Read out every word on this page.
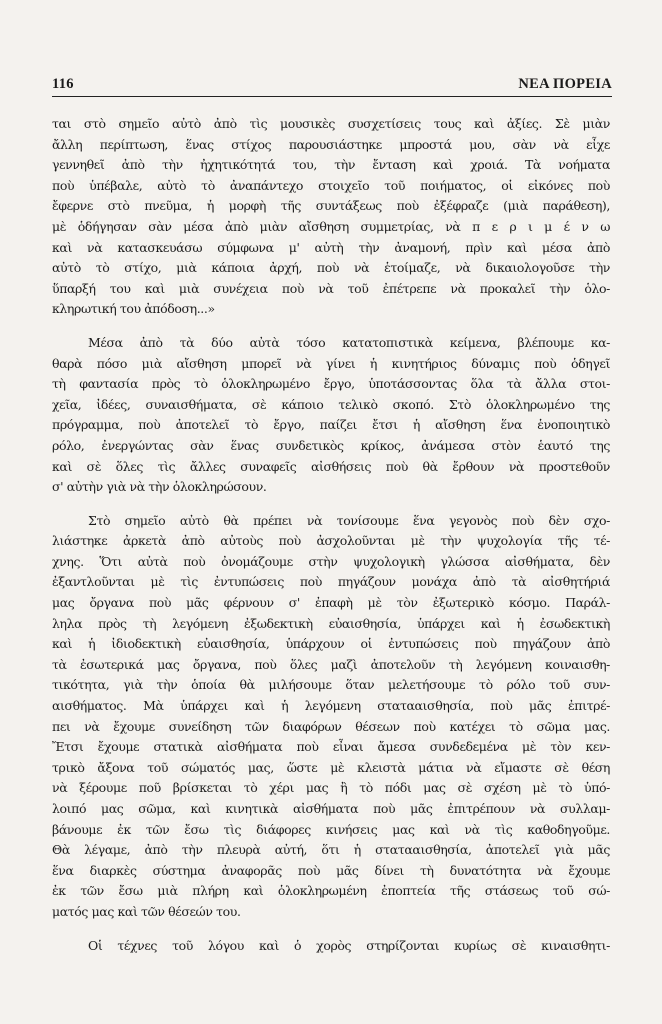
116	ΝΕΑ ΠΟΡΕΙΑ
ται στὸ σημεῖο αὐτὸ ἀπὸ τὶς μουσικὲς συσχετίσεις τους καὶ ἀξίες. Σὲ μιὰν
ἄλλη περίπτωση, ἕνας στίχος παρουσιάστηκε μπροστά μου, σὰν νὰ εἶχε
γεννηθεῖ ἀπὸ τὴν ἠχητικότητά του, τὴν ἔνταση καὶ χροιά. Τὰ νοήματα
ποὺ ὑπέβαλε, αὐτὸ τὸ ἀναπάντεχο στοιχεῖο τοῦ ποιήματος, οἱ εἰκόνες ποὺ
ἔφερνε στὸ πνεῦμα, ἡ μορφὴ τῆς συντάξεως ποὺ ἐξέφραζε (μιὰ παράθεση),
μὲ ὁδήγησαν σὰν μέσα ἀπὸ μιὰν αἴσθηση συμμετρίας, νὰ π ε ρ ι μ έ ν ω
καὶ νὰ κατασκευάσω σύμφωνα μ' αὐτὴ τὴν ἀναμονή, πρὶν καὶ μέσα ἀπὸ
αὐτὸ τὸ στίχο, μιὰ κάποια ἀρχή, ποὺ νὰ ἑτοίμαζε, νὰ δικαιολογοῦσε τὴν
ὕπαρξή του καὶ μιὰ συνέχεια ποὺ νὰ τοῦ ἐπέτρεπε νὰ προκαλεῖ τὴν ὁλο-
κληρωτική του ἀπόδοση...»
Μέσα ἀπὸ τὰ δύο αὐτὰ τόσο κατατοπιστικὰ κείμενα, βλέπουμε κα-
θαρὰ πόσο μιὰ αἴσθηση μπορεῖ νὰ γίνει ἡ κινητήριος δύναμις ποὺ ὁδηγεῖ
τὴ φαντασία πρὸς τὸ ὁλοκληρωμένο ἔργο, ὑποτάσσοντας ὅλα τὰ ἄλλα στοι-
χεῖα, ἰδέες, συναισθήματα, σὲ κάποιο τελικὸ σκοπό. Στὸ ὁλοκληρωμένο της
πρόγραμμα, ποὺ ἀποτελεῖ τὸ ἔργο, παίζει ἔτσι ἡ αἴσθηση ἕνα ἑνοποιητικὸ
ρόλο, ἐνεργώντας σὰν ἕνας συνδετικὸς κρίκος, ἀνάμεσα στὸν ἑαυτό της
καὶ σὲ ὅλες τὶς ἄλλες συναφεῖς αἰσθήσεις ποὺ θὰ ἔρθουν νὰ προστεθοῦν
σ' αὐτὴν γιὰ νὰ τὴν ὁλοκληρώσουν.
Στὸ σημεῖο αὐτὸ θὰ πρέπει νὰ τονίσουμε ἕνα γεγονὸς ποὺ δὲν σχο-
λιάστηκε ἀρκετὰ ἀπὸ αὐτοὺς ποὺ ἀσχολοῦνται μὲ τὴν ψυχολογία τῆς τέ-
χνης. Ὅτι αὐτὰ ποὺ ὀνομάζουμε στὴν ψυχολογικὴ γλώσσα αἰσθήματα, δὲν
ἐξαντλοῦνται μὲ τὶς ἐντυπώσεις ποὺ πηγάζουν μονάχα ἀπὸ τὰ αἰσθητήριά
μας ὄργανα ποὺ μᾶς φέρνουν σ' ἐπαφὴ μὲ τὸν ἐξωτερικὸ κόσμο. Παράλ-
ληλα πρὸς τὴ λεγόμενη ἐξωδεκτικὴ εὐαισθησία, ὑπάρχει καὶ ἡ ἐσωδεκτικὴ
καὶ ἡ ἰδιοδεκτικὴ εὐαισθησία, ὑπάρχουν οἱ ἐντυπώσεις ποὺ πηγάζουν ἀπὸ
τὰ ἐσωτερικά μας ὄργανα, ποὺ ὅλες μαζὶ ἀποτελοῦν τὴ λεγόμενη κοιναισθη-
τικότητα, γιὰ τὴν ὁποία θὰ μιλήσουμε ὅταν μελετήσουμε τὸ ρόλο τοῦ συν-
αισθήματος. Μὰ ὑπάρχει καὶ ἡ λεγόμενη στατααισθησία, ποὺ μᾶς ἐπιτρέ-
πει νὰ ἔχουμε συνείδηση τῶν διαφόρων θέσεων ποὺ κατέχει τὸ σῶμα μας.
Ἔτσι ἔχουμε στατικὰ αἰσθήματα ποὺ εἶναι ἄμεσα συνδεδεμένα μὲ τὸν κεν-
τρικὸ ἄξονα τοῦ σώματός μας, ὥστε μὲ κλειστὰ μάτια νὰ εἴμαστε σὲ θέση
νὰ ξέρουμε ποῦ βρίσκεται τὸ χέρι μας ἢ τὸ πόδι μας σὲ σχέση μὲ τὸ ὑπό-
λοιπό μας σῶμα, καὶ κινητικὰ αἰσθήματα ποὺ μᾶς ἐπιτρέπουν νὰ συλλαμ-
βάνουμε ἐκ τῶν ἔσω τὶς διάφορες κινήσεις μας καὶ νὰ τὶς καθοδηγοῦμε.
Θὰ λέγαμε, ἀπὸ τὴν πλευρὰ αὐτή, ὅτι ἡ στατααισθησία, ἀποτελεῖ γιὰ μᾶς
ἕνα διαρκὲς σύστημα ἀναφορᾶς ποὺ μᾶς δίνει τὴ δυνατότητα νὰ ἔχουμε
ἐκ τῶν ἔσω μιὰ πλήρη καὶ ὁλοκληρωμένη ἐποπτεία τῆς στάσεως τοῦ σώ-
ματός μας καὶ τῶν θέσεών του.
Οἱ τέχνες τοῦ λόγου καὶ ὁ χορὸς στηρίζονται κυρίως σὲ κιναισθητι-
